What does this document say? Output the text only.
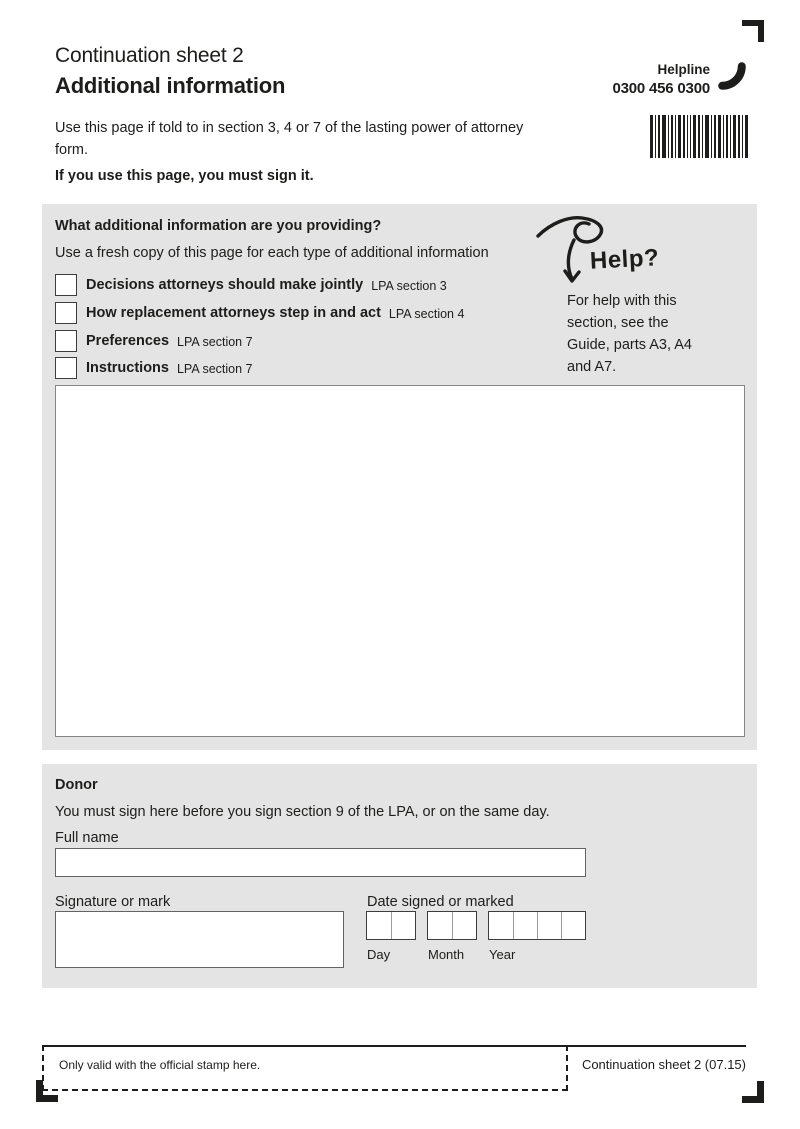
Continuation sheet 2
Additional information
Use this page if told to in section 3, 4 or 7 of the lasting power of attorney form.
If you use this page, you must sign it.
Helpline
0300 456 0300
What additional information are you providing?
Use a fresh copy of this page for each type of additional information
Decisions attorneys should make jointly LPA section 3
How replacement attorneys step in and act LPA section 4
Preferences LPA section 7
Instructions LPA section 7
Help?
For help with this section, see the Guide, parts A3, A4 and A7.
Donor
You must sign here before you sign section 9 of the LPA, or on the same day.
Full name
Signature or mark	Date signed or marked
Day	Month Year
Only valid with the official stamp here.	Continuation sheet 2 (07.15)
